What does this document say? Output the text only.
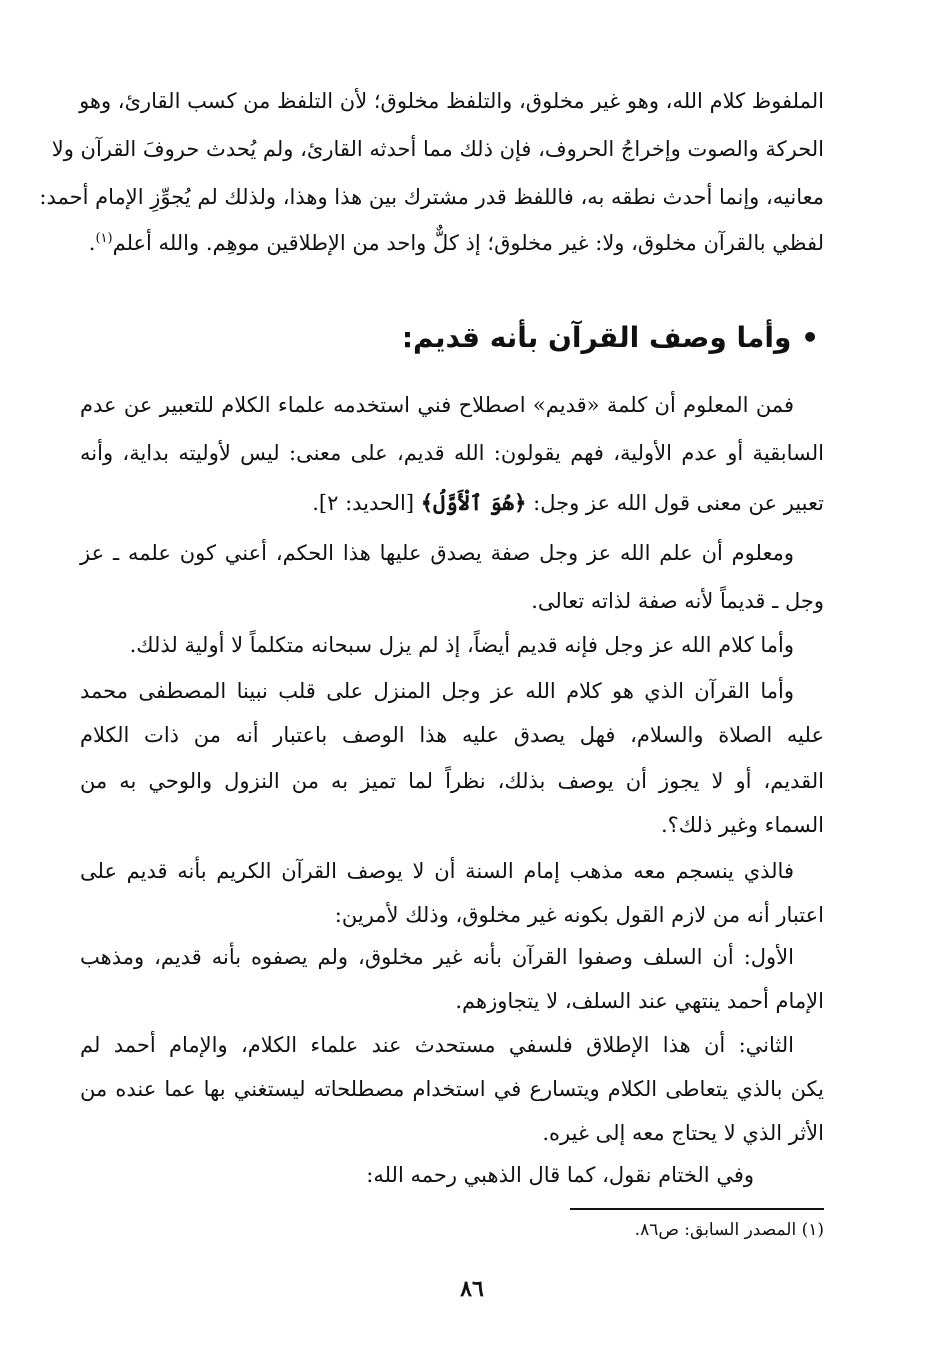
الملفوظ كلام الله، وهو غير مخلوق، والتلفظ مخلوق؛ لأن التلفظ من كسب القارئ، وهو
الحركة والصوت وإخراجُ الحروف، فإن ذلك مما أحدثه القارئ، ولم يُحدث حروفَ القرآن ولا
معانيه، وإنما أحدث نطقه به، فاللفظ قدر مشترك بين هذا وهذا، ولذلك لم يُجوِّزِ الإمام أحمد:
لفظي بالقرآن مخلوق، ولا: غير مخلوق؛ إذ كلٌّ واحد من الإطلاقين موهِم. والله أعلم$^{(١)}$.
• وأما وصف القرآن بأنه قديم:
فمن المعلوم أن كلمة «قديم» اصطلاح فني استخدمه علماء الكلام للتعبير عن عدم
السابقية أو عدم الأولية، فهم يقولون: الله قديم، على معنى: ليس لأوليته بداية، وأنه
تعبير عن معنى قول الله عز وجل: ﴿هُوَ ٱلْأَوَّلُ﴾ [الحديد: ٢].
ومعلوم أن علم الله عز وجل صفة يصدق عليها هذا الحكم، أعني كون علمه ـ عز
وجل ـ قديماً لأنه صفة لذاته تعالى.
وأما كلام الله عز وجل فإنه قديم أيضاً، إذ لم يزل سبحانه متكلماً لا أولية لذلك.
وأما القرآن الذي هو كلام الله عز وجل المنزل على قلب نبينا المصطفى محمد
عليه الصلاة والسلام، فهل يصدق عليه هذا الوصف باعتبار أنه من ذات الكلام
القديم، أو لا يجوز أن يوصف بذلك، نظراً لما تميز به من النزول والوحي به من
السماء وغير ذلك؟.
فالذي ينسجم معه مذهب إمام السنة أن لا يوصف القرآن الكريم بأنه قديم على
اعتبار أنه من لازم القول بكونه غير مخلوق، وذلك لأمرين:
الأول: أن السلف وصفوا القرآن بأنه غير مخلوق، ولم يصفوه بأنه قديم، ومذهب
الإمام أحمد ينتهي عند السلف، لا يتجاوزهم.
الثاني: أن هذا الإطلاق فلسفي مستحدث عند علماء الكلام، والإمام أحمد لم
يكن بالذي يتعاطى الكلام ويتسارع في استخدام مصطلحاته ليستغني بها عما عنده من
الأثر الذي لا يحتاج معه إلى غيره.
وفي الختام نقول، كما قال الذهبي رحمه الله:
(١) المصدر السابق: ص٨٦.
٨٦
